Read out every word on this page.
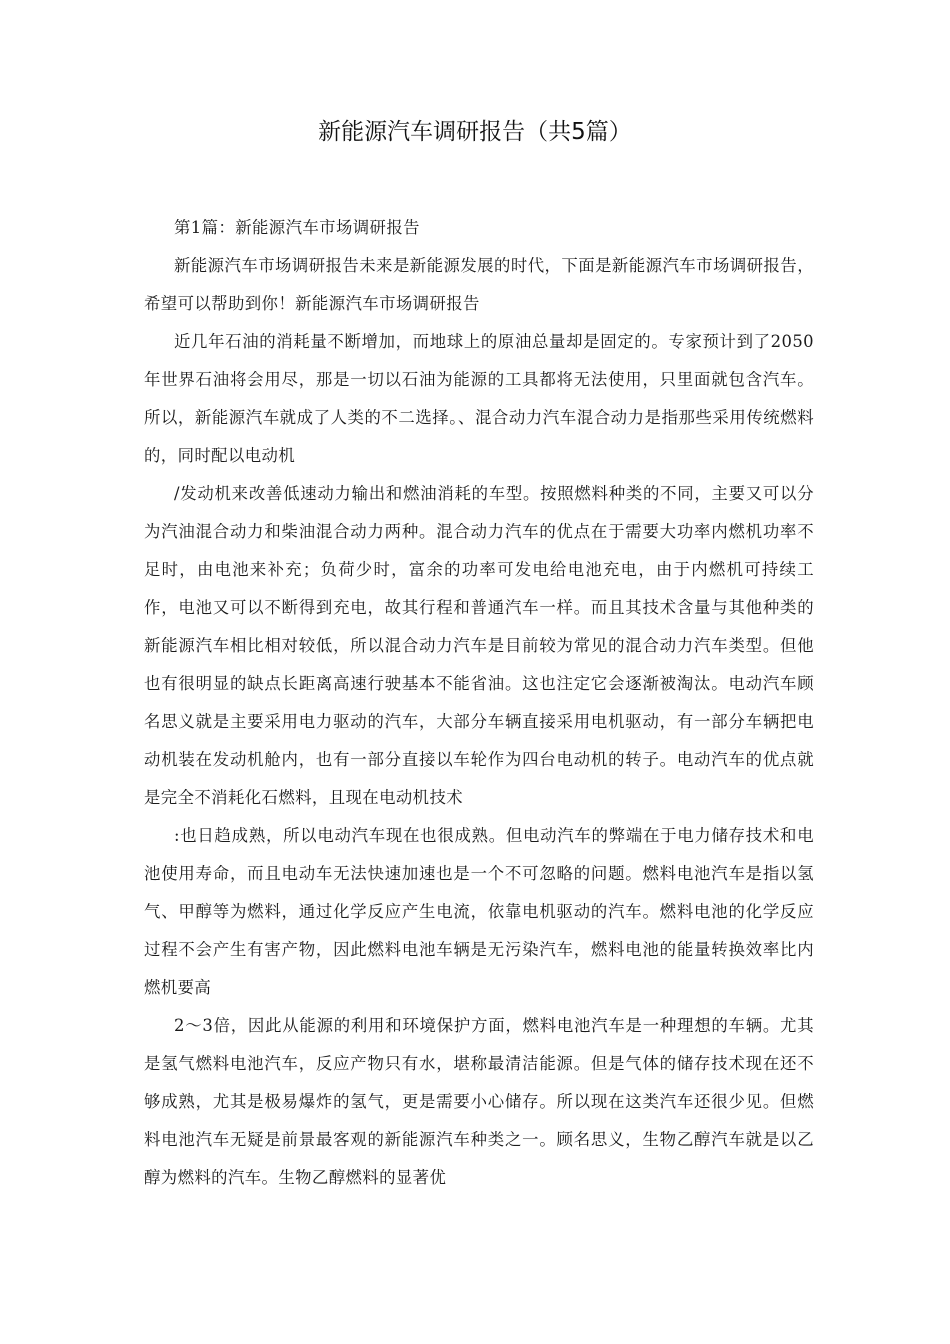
新能源汽车调研报告（共5篇）
第1篇：新能源汽车市场调研报告

新能源汽车市场调研报告未来是新能源发展的时代，下面是新能源汽车市场调研报告，希望可以帮助到你！新能源汽车市场调研报告

近几年石油的消耗量不断增加，而地球上的原油总量却是固定的。专家预计到了2050年世界石油将会用尽，那是一切以石油为能源的工具都将无法使用，只里面就包含汽车。所以，新能源汽车就成了人类的不二选择。、混合动力汽车混合动力是指那些采用传统燃料的，同时配以电动机

/发动机来改善低速动力输出和燃油消耗的车型。按照燃料种类的不同，主要又可以分为汽油混合动力和柴油混合动力两种。混合动力汽车的优点在于需要大功率内燃机功率不足时，由电池来补充；负荷少时，富余的功率可发电给电池充电，由于内燃机可持续工作，电池又可以不断得到充电，故其行程和普通汽车一样。而且其技术含量与其他种类的新能源汽车相比相对较低，所以混合动力汽车是目前较为常见的混合动力汽车类型。但他也有很明显的缺点长距离高速行驶基本不能省油。这也注定它会逐渐被淘汰。电动汽车顾名思义就是主要采用电力驱动的汽车，大部分车辆直接采用电机驱动，有一部分车辆把电动机装在发动机舱内，也有一部分直接以车轮作为四台电动机的转子。电动汽车的优点就是完全不消耗化石燃料，且现在电动机技术

:也日趋成熟，所以电动汽车现在也很成熟。但电动汽车的弊端在于电力储存技术和电池使用寿命，而且电动车无法快速加速也是一个不可忽略的问题。燃料电池汽车是指以氢气、甲醇等为燃料，通过化学反应产生电流，依靠电机驱动的汽车。燃料电池的化学反应过程不会产生有害产物，因此燃料电池车辆是无污染汽车，燃料电池的能量转换效率比内燃机要高

2～3倍，因此从能源的利用和环境保护方面，燃料电池汽车是一种理想的车辆。尤其是氢气燃料电池汽车，反应产物只有水，堪称最清洁能源。但是气体的储存技术现在还不够成熟，尤其是极易爆炸的氢气，更是需要小心储存。所以现在这类汽车还很少见。但燃料电池汽车无疑是前景最客观的新能源汽车种类之一。顾名思义，生物乙醇汽车就是以乙醇为燃料的汽车。生物乙醇燃料的显著优
